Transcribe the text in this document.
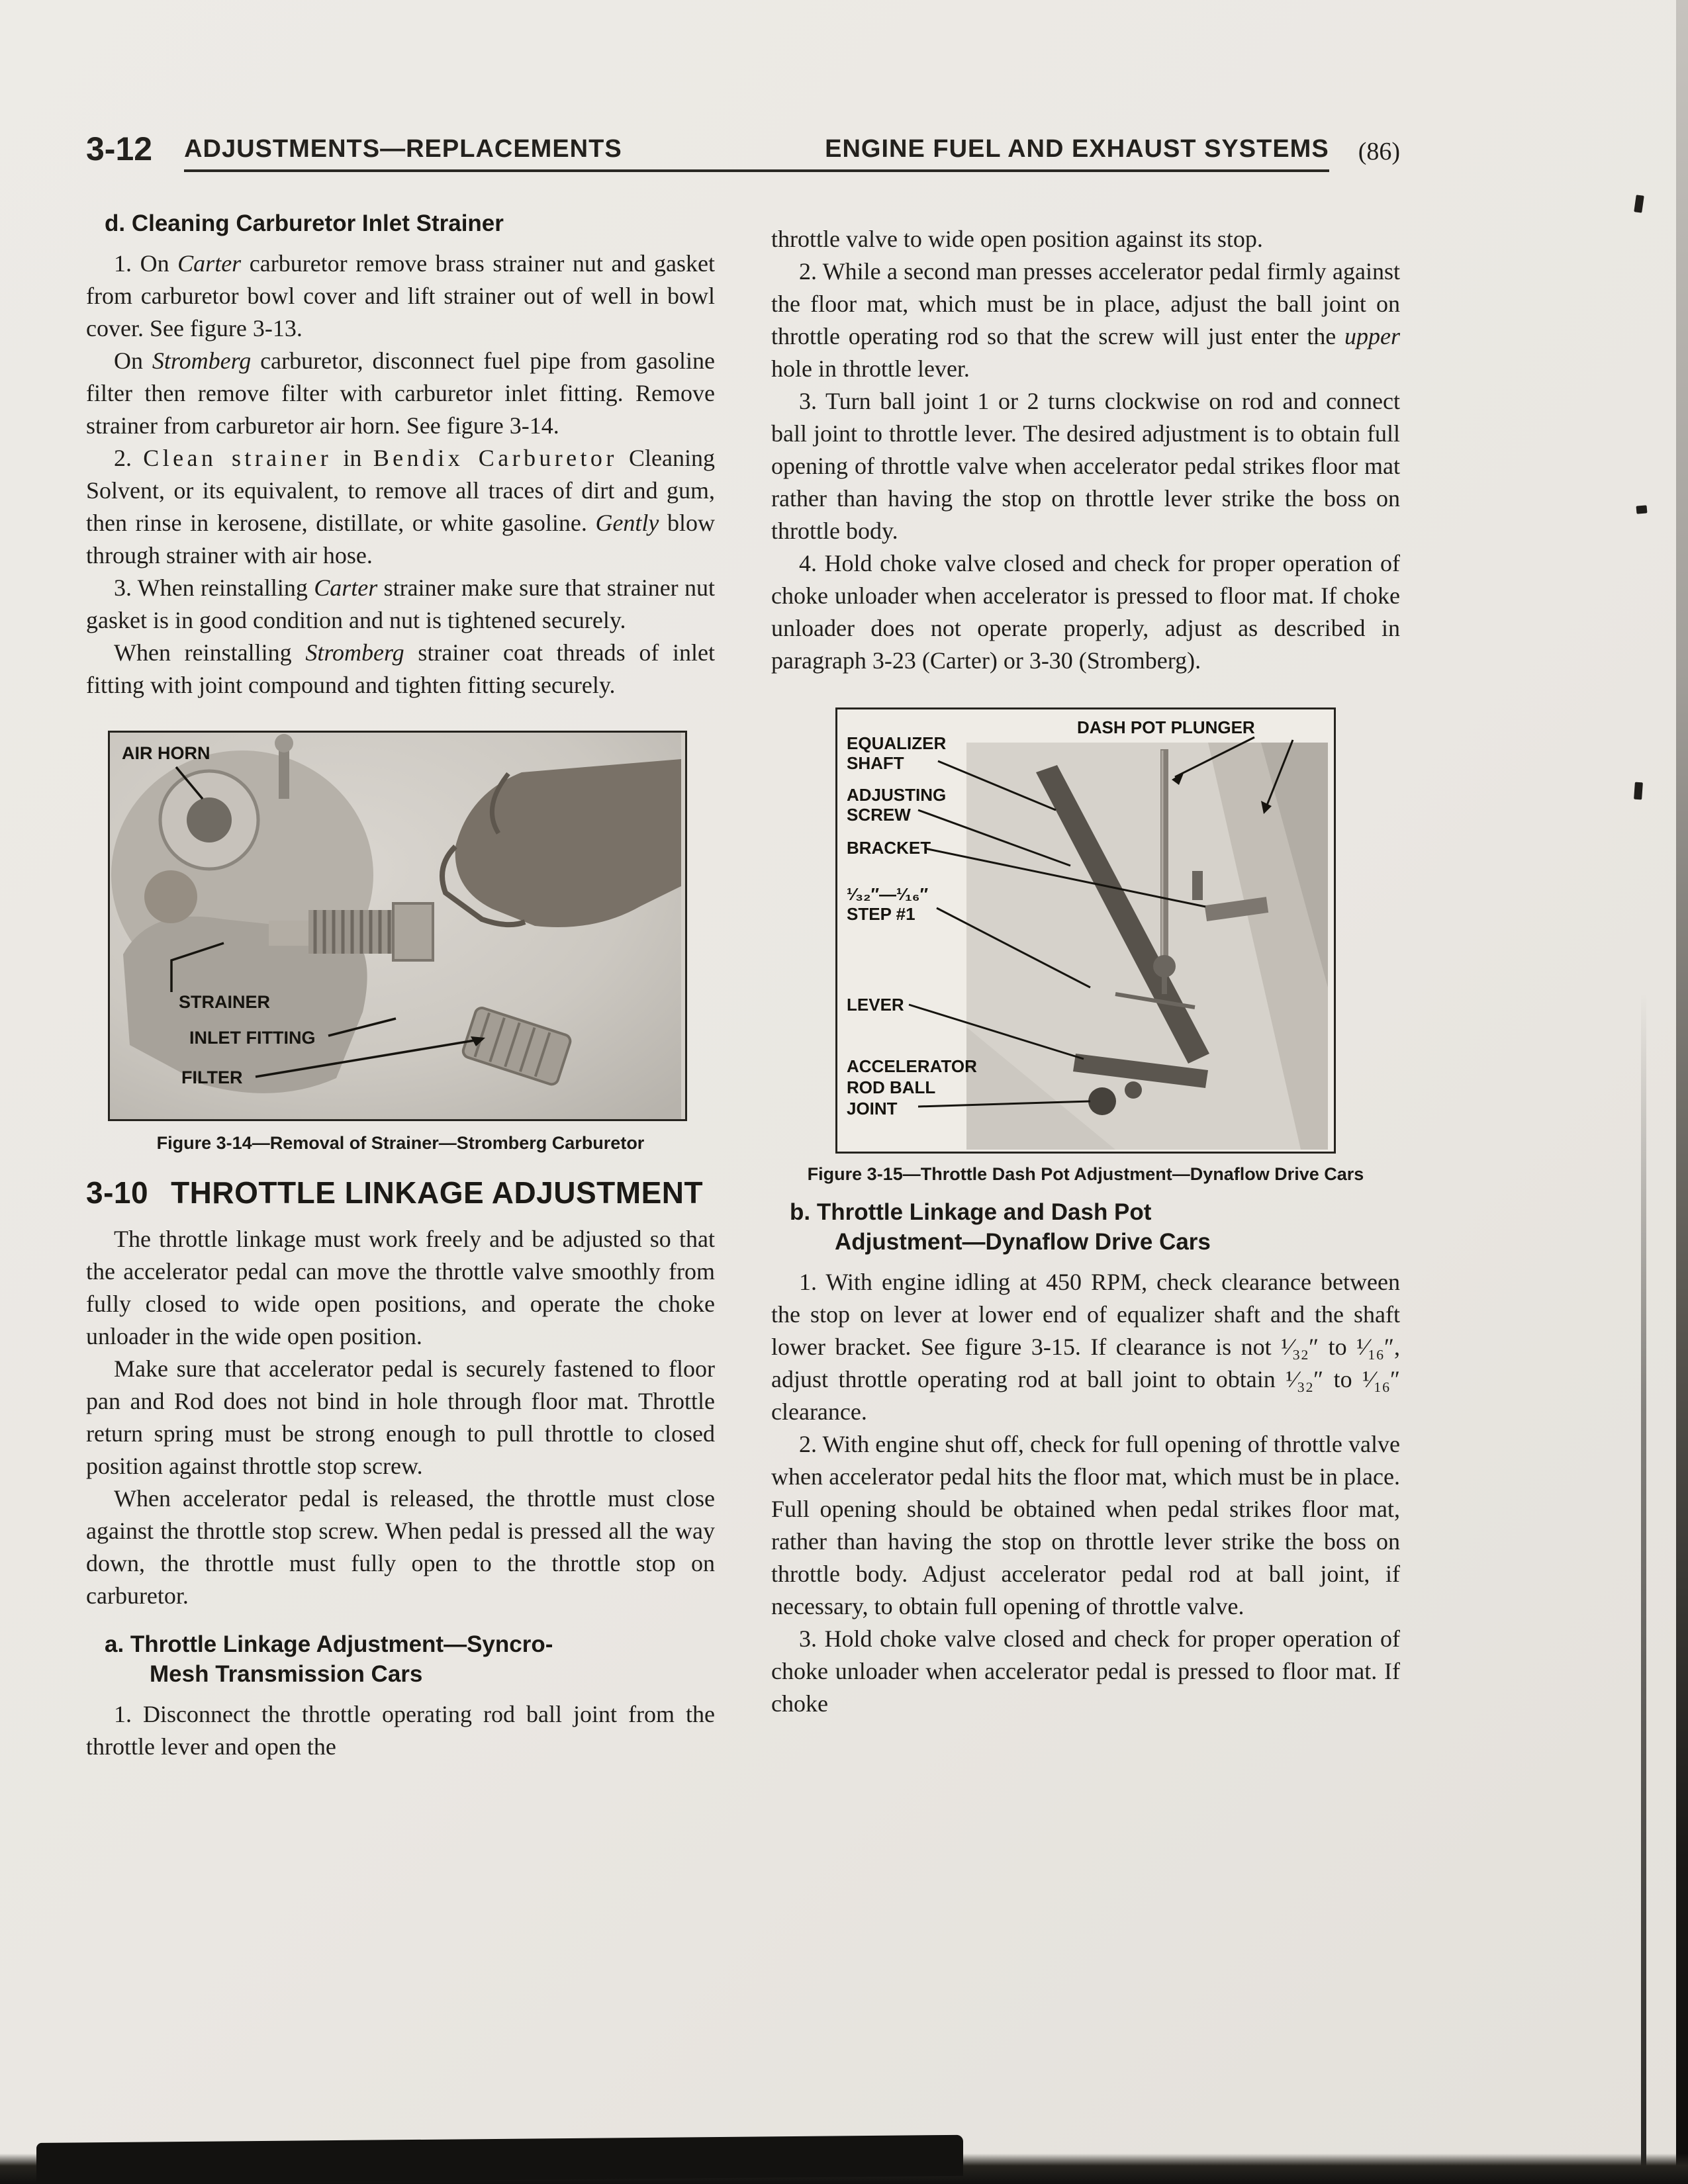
3-12 ADJUSTMENTS—REPLACEMENTS	ENGINE FUEL AND EXHAUST SYSTEMS (86)
d. Cleaning Carburetor Inlet Strainer

1. On Carter carburetor remove brass strainer nut and gasket from carburetor bowl cover and lift strainer out of well in bowl cover. See figure 3-13.

On Stromberg carburetor, disconnect fuel pipe from gasoline filter then remove filter with carburetor inlet fitting. Remove strainer from carburetor air horn. See figure 3-14.

2. Clean strainer in Bendix Carburetor Cleaning Solvent, or its equivalent, to remove all traces of dirt and gum, then rinse in kerosene, distillate, or white gasoline. Gently blow through strainer with air hose.

3. When reinstalling Carter strainer make sure that strainer nut gasket is in good condition and nut is tightened securely.

When reinstalling Stromberg strainer coat threads of inlet fitting with joint compound and tighten fitting securely.

AIR HORN
STRAINER
INLET FITTING
FILTER
Figure 3-14—Removal of Strainer—Stromberg Carburetor
3-10 THROTTLE LINKAGE ADJUSTMENT

The throttle linkage must work freely and be adjusted so that the accelerator pedal can move the throttle valve smoothly from fully closed to wide open positions, and operate the choke unloader in the wide open position.

Make sure that accelerator pedal is securely fastened to floor pan and Rod does not bind in hole through floor mat. Throttle return spring must be strong enough to pull throttle to closed position against throttle stop screw.

When accelerator pedal is released, the throttle must close against the throttle stop screw. When pedal is pressed all the way down, the throttle must fully open to the throttle stop on carburetor.

a. Throttle Linkage Adjustment—Syncro-
Mesh Transmission Cars

1. Disconnect the throttle operating rod ball joint from the throttle lever and open the

throttle valve to wide open position against its stop.

2. While a second man presses accelerator pedal firmly against the floor mat, which must be in place, adjust the ball joint on throttle operating rod so that the screw will just enter the upper hole in throttle lever.

3. Turn ball joint 1 or 2 turns clockwise on rod and connect ball joint to throttle lever. The desired adjustment is to obtain full opening of throttle valve when accelerator pedal strikes floor mat rather than having the stop on throttle lever strike the boss on throttle body.

4. Hold choke valve closed and check for proper operation of choke unloader when accelerator is pressed to floor mat. If choke unloader does not operate properly, adjust as described in paragraph 3-23 (Carter) or 3-30 (Stromberg).

DASH POT PLUNGER
EQUALIZER
SHAFT
ADJUSTING
SCREW
BRACKET
¹⁄₃₂″—¹⁄₁₆″
STEP #1
LEVER
ACCELERATOR
ROD BALL
JOINT
Figure 3-15—Throttle Dash Pot Adjustment—Dynaflow Drive Cars
b. Throttle Linkage and Dash Pot
Adjustment—Dynaflow Drive Cars

1. With engine idling at 450 RPM, check clearance between the stop on lever at lower end of equalizer shaft and the shaft lower bracket. See figure 3-15. If clearance is not ¹⁄₃₂″ to ¹⁄₁₆″, adjust throttle operating rod at ball joint to obtain ¹⁄₃₂″ to ¹⁄₁₆″ clearance.

2. With engine shut off, check for full opening of throttle valve when accelerator pedal hits the floor mat, which must be in place. Full opening should be obtained when pedal strikes floor mat, rather than having the stop on throttle lever strike the boss on throttle body. Adjust accelerator pedal rod at ball joint, if necessary, to obtain full opening of throttle valve.

3. Hold choke valve closed and check for proper operation of choke unloader when accelerator pedal is pressed to floor mat. If choke
